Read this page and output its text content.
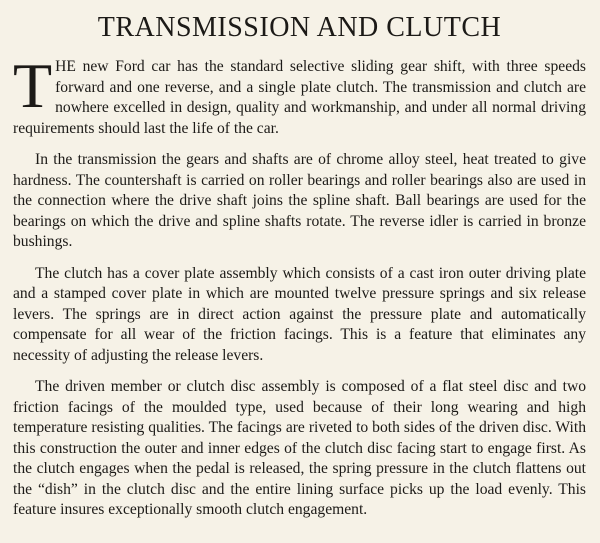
TRANSMISSION AND CLUTCH

THE new Ford car has the standard selective sliding gear shift, with three speeds forward and one reverse, and a single plate clutch. The transmission and clutch are nowhere excelled in design, quality and workmanship, and under all normal driving requirements should last the life of the car.

In the transmission the gears and shafts are of chrome alloy steel, heat treated to give hardness. The countershaft is carried on roller bearings and roller bearings also are used in the connection where the drive shaft joins the spline shaft. Ball bearings are used for the bearings on which the drive and spline shafts rotate. The reverse idler is carried in bronze bushings.

The clutch has a cover plate assembly which consists of a cast iron outer driving plate and a stamped cover plate in which are mounted twelve pressure springs and six release levers. The springs are in direct action against the pressure plate and automatically compensate for all wear of the friction facings. This is a feature that eliminates any necessity of adjusting the release levers.

The driven member or clutch disc assembly is composed of a flat steel disc and two friction facings of the moulded type, used because of their long wearing and high temperature resisting qualities. The facings are riveted to both sides of the driven disc. With this construction the outer and inner edges of the clutch disc facing start to engage first. As the clutch engages when the pedal is released, the spring pressure in the clutch flattens out the “dish” in the clutch disc and the entire lining surface picks up the load evenly. This feature insures exceptionally smooth clutch engagement.
